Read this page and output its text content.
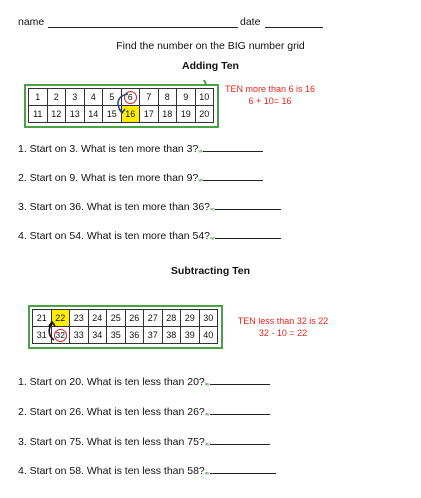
name	date
Find the number on the BIG number grid
Adding Ten
1	2	3	4	5	6	7	8	9	10
11	12	13	14	15	16	17	18	19	20
TEN more than 6 is 16
6 + 10= 16
1. Start on 3. What is ten more than 3?ᵥᵥᵥ
2. Start on 9. What is ten more than 9?ᵥᵥᵥ
3. Start on 36. What is ten more than 36?ᵥᵥᵥ
4. Start on 54. What is ten more than 54?ᵥᵥᵥ
Subtracting Ten
21	22	23	24	25	26	27	28	29	30
31	32	33	34	35	36	37	38	39	40
TEN less than 32 is 22
32 - 10 = 22
1. Start on 20. What is ten less than 20?ᵥᵥᵥ
2. Start on 26. What is ten less than 26?ᵥᵥᵥ
3. Start on 75. What is ten less than 75?ᵥᵥᵥ
4. Start on 58. What is ten less than 58?ᵥᵥᵥ
